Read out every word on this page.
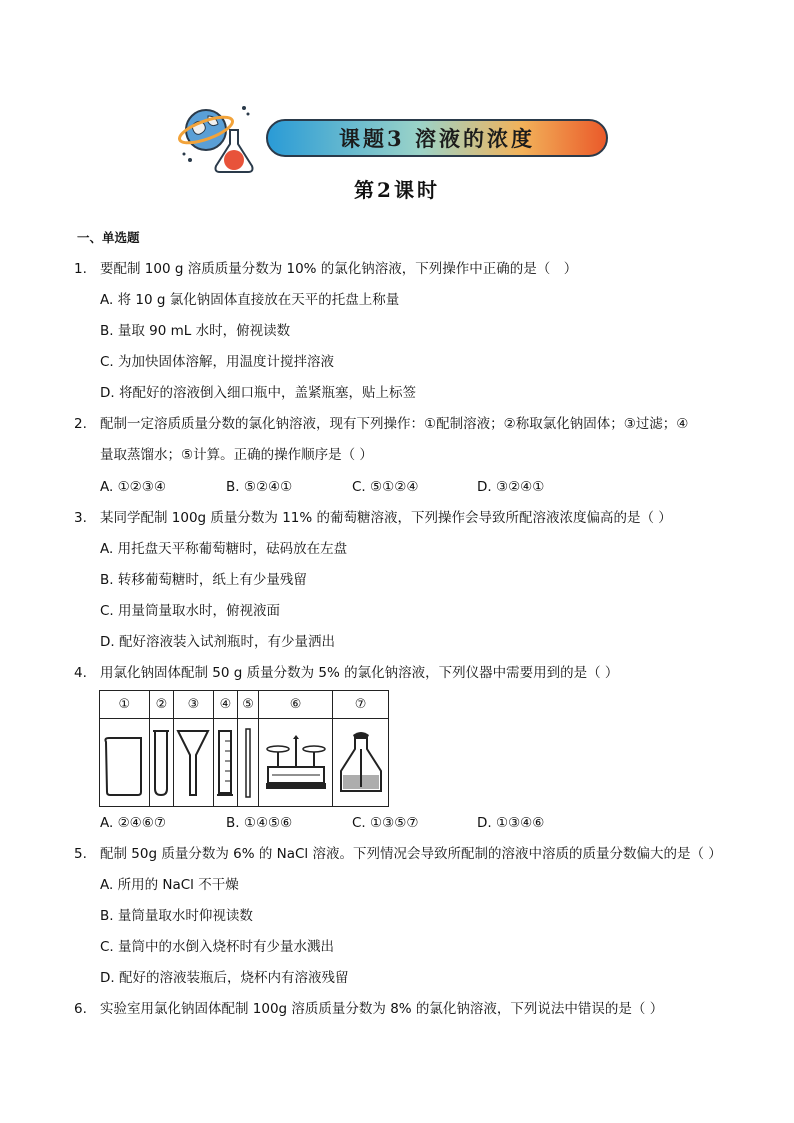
课题3 溶液的浓度
第2课时
一、单选题
1. 要配制 100 g 溶质质量分数为 10% 的氯化钠溶液，下列操作中正确的是（　）
A. 将 10 g 氯化钠固体直接放在天平的托盘上称量
B. 量取 90 mL 水时，俯视读数
C. 为加快固体溶解，用温度计搅拌溶液
D. 将配好的溶液倒入细口瓶中，盖紧瓶塞，贴上标签
2. 配制一定溶质质量分数的氯化钠溶液，现有下列操作：①配制溶液；②称取氯化钠固体；③过滤；④
量取蒸馏水；⑤计算。正确的操作顺序是（ ）
A. ①②③④	B. ⑤②④①	C. ⑤①②④	D. ③②④①
3. 某同学配制 100g 质量分数为 11% 的葡萄糖溶液，下列操作会导致所配溶液浓度偏高的是（ ）
A. 用托盘天平称葡萄糖时，砝码放在左盘
B. 转移葡萄糖时，纸上有少量残留
C. 用量筒量取水时，俯视液面
D. 配好溶液装入试剂瓶时，有少量洒出
4. 用氯化钠固体配制 50 g 质量分数为 5% 的氯化钠溶液，下列仪器中需要用到的是（ ）
①	②	③	④	⑤	⑥	⑦

A. ②④⑥⑦	B. ①④⑤⑥	C. ①③⑤⑦	D. ①③④⑥
5. 配制 50g 质量分数为 6% 的 NaCl 溶液。下列情况会导致所配制的溶液中溶质的质量分数偏大的是（ ）
A. 所用的 NaCl 不干燥
B. 量筒量取水时仰视读数
C. 量筒中的水倒入烧杯时有少量水溅出
D. 配好的溶液装瓶后，烧杯内有溶液残留
6. 实验室用氯化钠固体配制 100g 溶质质量分数为 8% 的氯化钠溶液，下列说法中错误的是（ ）
